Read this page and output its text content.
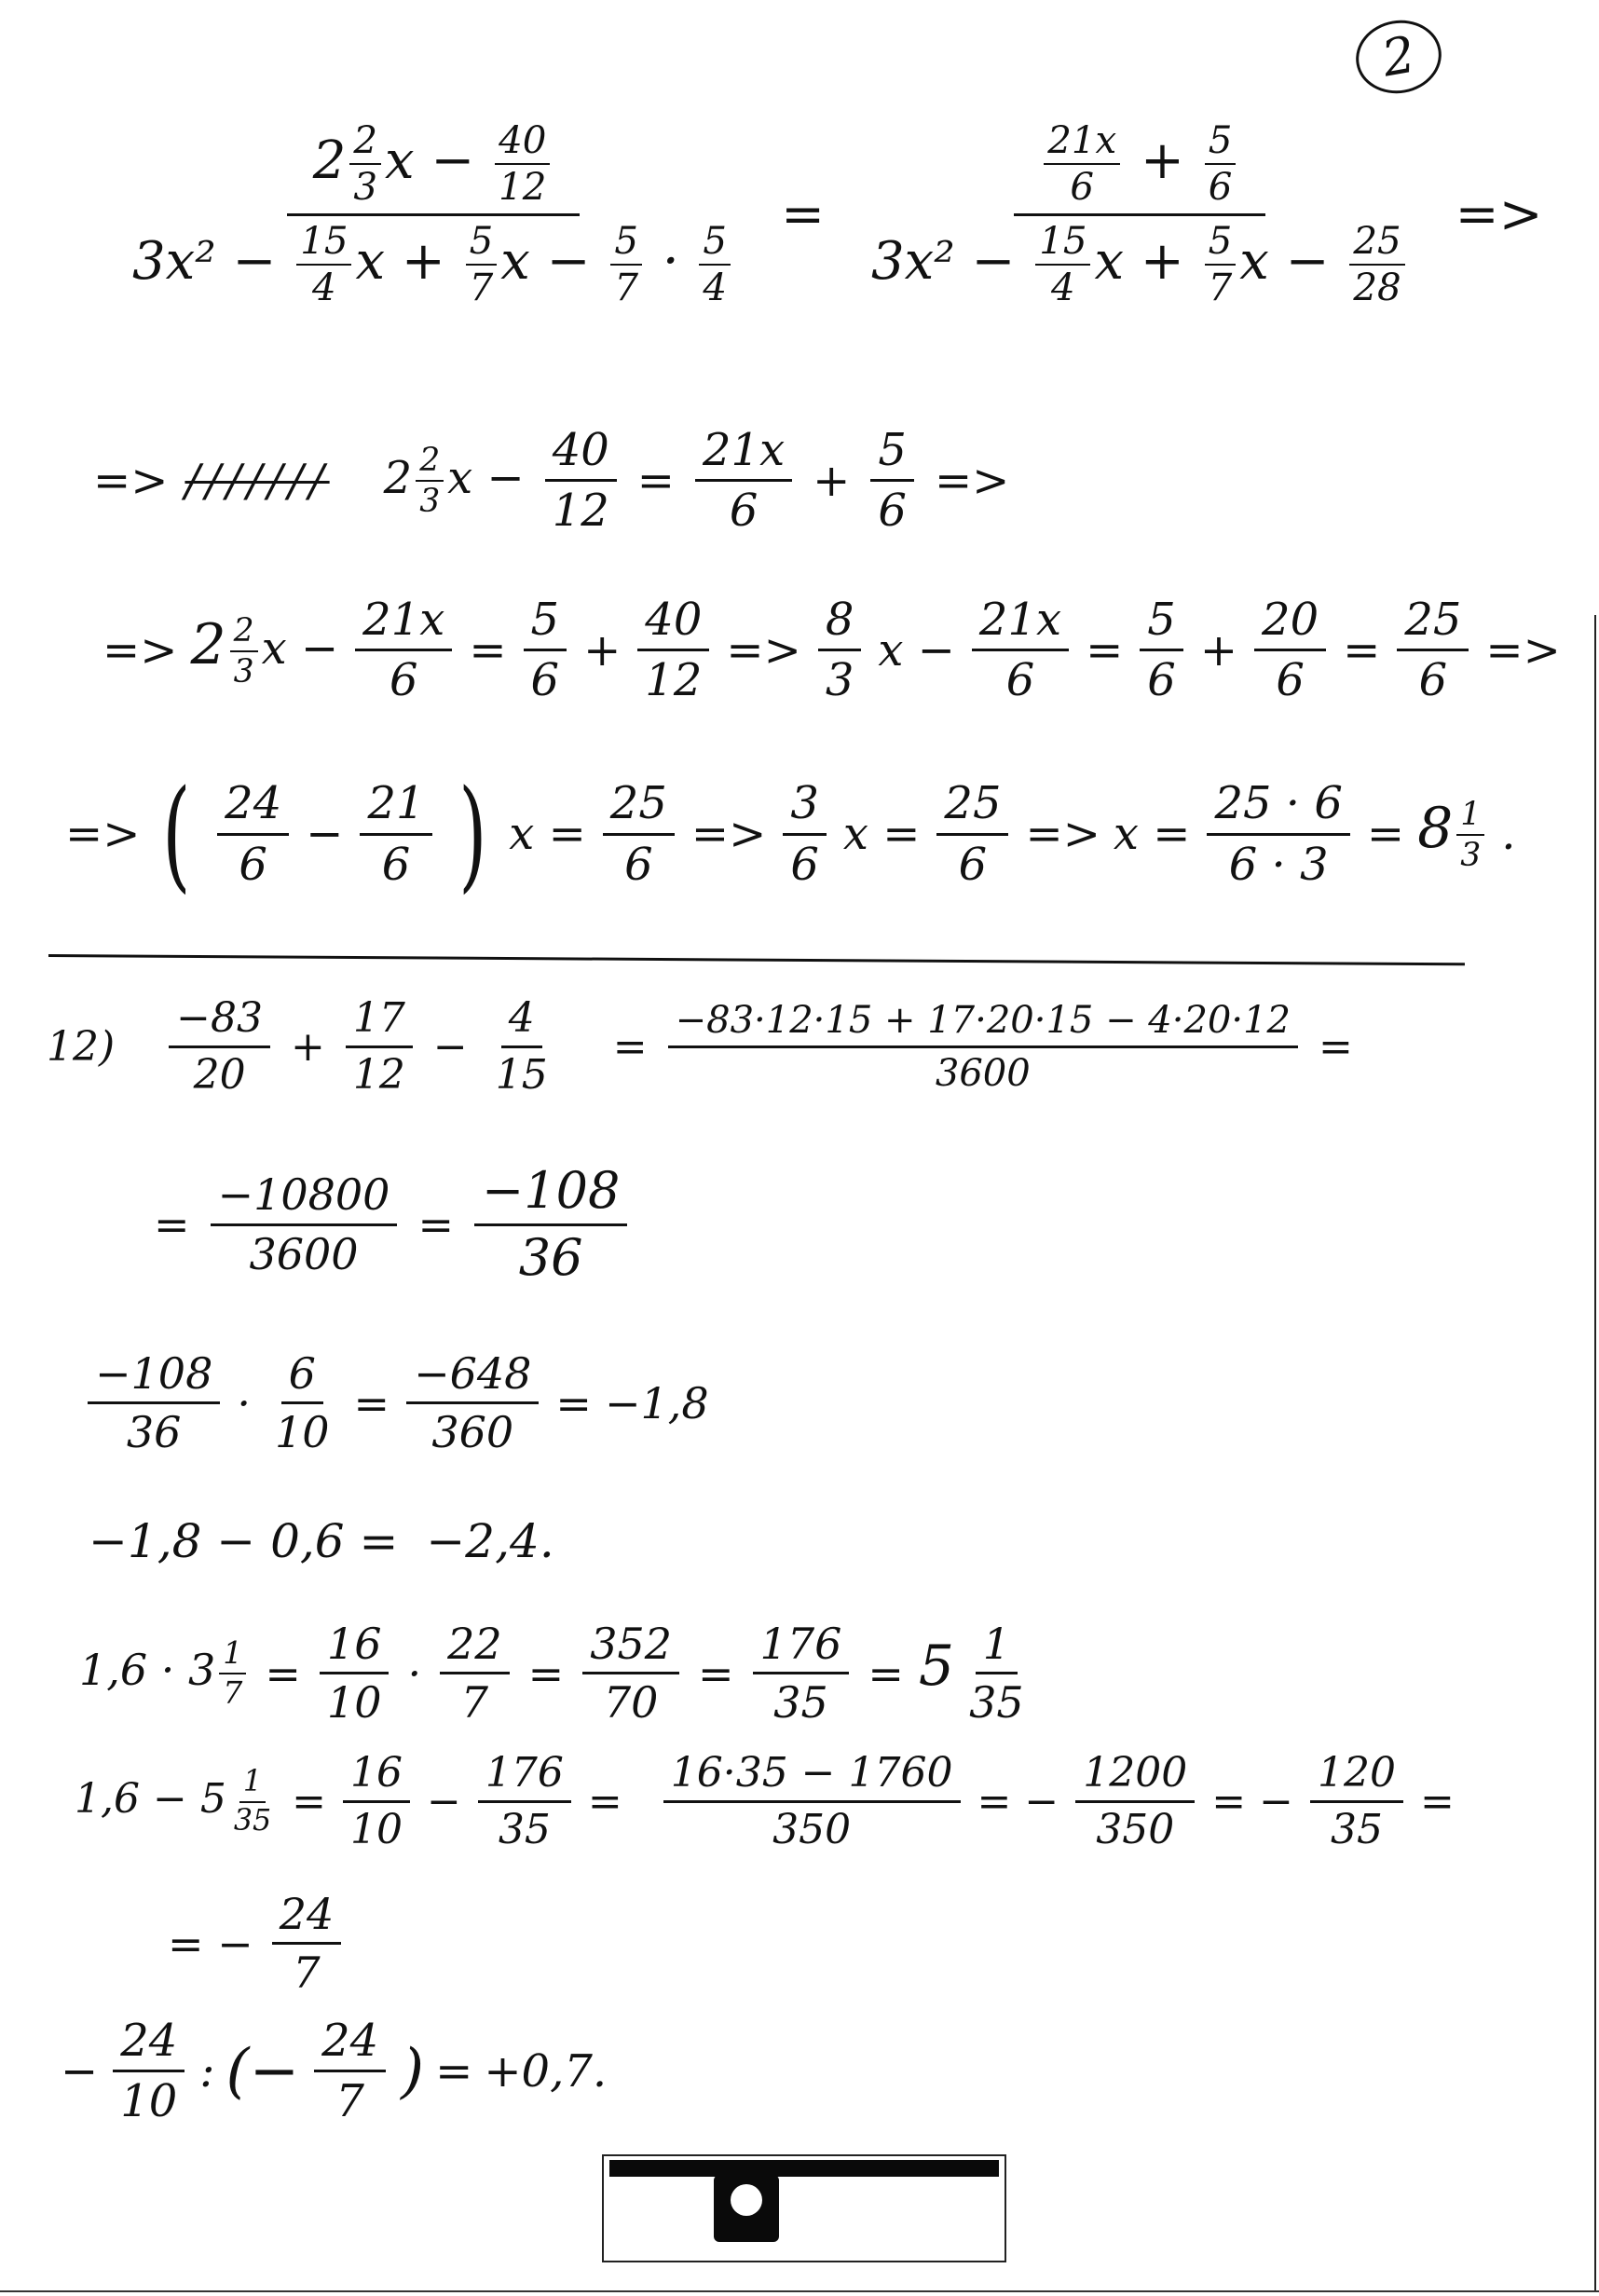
2
$\frac{2 \frac{2}{3} x - \frac{40}{12}}{3x^2 - \frac{15}{4} x + \frac{5}{7} x - \frac{5}{7} \cdot \frac{5}{4}} = \frac{\frac{21x}{6} + \frac{5}{6}}{3x^2 - \frac{15}{4} x + \frac{5}{7} x - \frac{25}{28}}$ =>
=> /////// $2 \frac{2}{3}$ $x - \frac{40}{12} = \frac{21x}{6} + \frac{5}{6}$ =>
=> $2 \frac{2}{3}$ $x - \frac{21x}{6} = \frac{5}{6} + \frac{40}{12} => \frac{8}{3}$ $x - \frac{21x}{6} = \frac{5}{6} + \frac{20}{6} = \frac{25}{6}$ =>
=> ( $\frac{24}{6} - \frac{21}{6}$ ) $x = \frac{25}{6} => \frac{3}{6}$ $x = \frac{25}{6} => x = \frac{25 \cdot 6}{6 \cdot 3} = 8 \frac{1}{3}$ .
$12) \frac{-83}{20} + \frac{17}{12} - \frac{4}{15} = \frac{-83\cdot 12\cdot 15 + 17\cdot 20\cdot 15 - 4\cdot 20\cdot 12}{3600}$ =
= $\frac{-10800}{3600} = \frac{-108}{36}$
$\frac{-108}{36} \cdot \frac{6}{10} = \frac{-648}{360} = -1,8$
−1,8 − 0,6 = −2,4.
$1,6 \cdot 3 \frac{1}{7} = \frac{16}{10} \cdot \frac{22}{7} = \frac{352}{70} = \frac{176}{35} = 5 \frac{1}{35}$
$1,6 - 5 \frac{1}{35} = \frac{16}{10} - \frac{176}{35} = \frac{16\cdot 35 - 1760}{350}$ = − $\frac{1200}{350}$ = − $\frac{120}{35}$ =
= − $\frac{24}{7}$
− $\frac{24}{10}$ : (− $\frac{24}{7}$ ) = +0,7.
